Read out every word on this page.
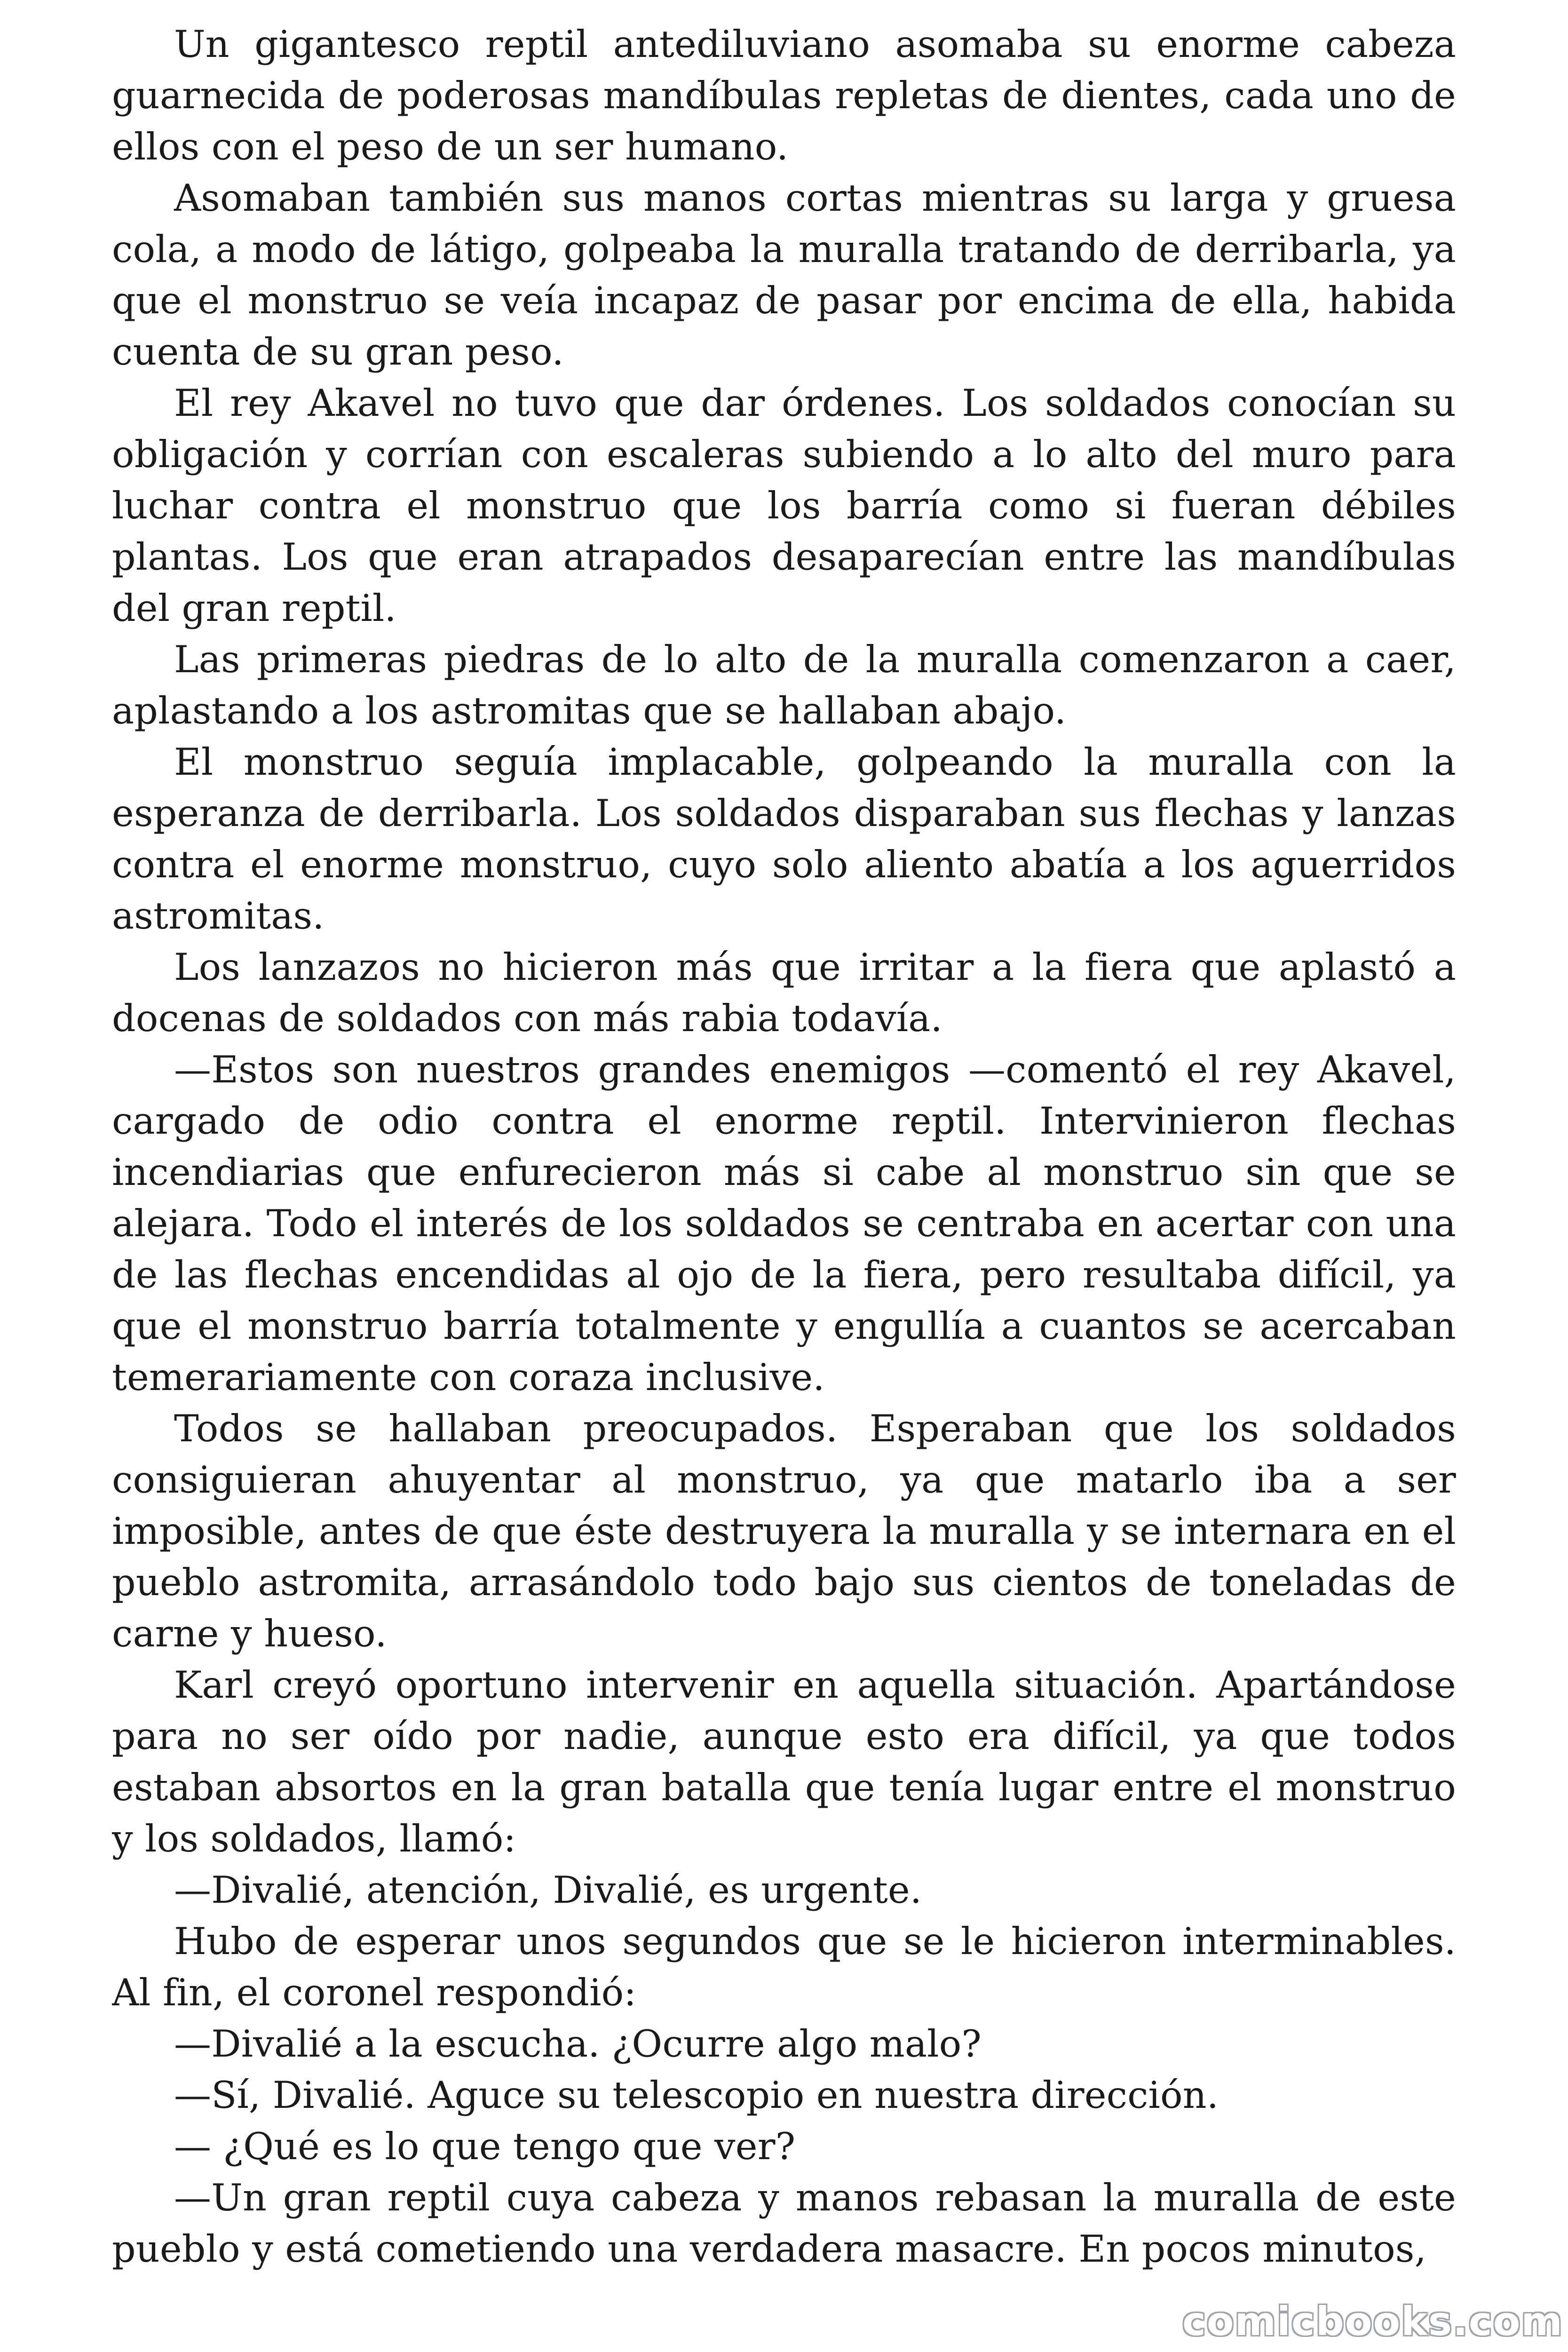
Un gigantesco reptil antediluviano asomaba su enorme cabeza guarnecida de poderosas mandíbulas repletas de dientes, cada uno de ellos con el peso de un ser humano.

Asomaban también sus manos cortas mientras su larga y gruesa cola, a modo de látigo, golpeaba la muralla tratando de derribarla, ya que el monstruo se veía incapaz de pasar por encima de ella, habida cuenta de su gran peso.

El rey Akavel no tuvo que dar órdenes. Los soldados conocían su obligación y corrían con escaleras subiendo a lo alto del muro para luchar contra el monstruo que los barría como si fueran débiles plantas. Los que eran atrapados desaparecían entre las mandíbulas del gran reptil.

Las primeras piedras de lo alto de la muralla comenzaron a caer, aplastando a los astromitas que se hallaban abajo.

El monstruo seguía implacable, golpeando la muralla con la esperanza de derribarla. Los soldados disparaban sus flechas y lanzas contra el enorme monstruo, cuyo solo aliento abatía a los aguerridos astromitas.

Los lanzazos no hicieron más que irritar a la fiera que aplastó a docenas de soldados con más rabia todavía.

—Estos son nuestros grandes enemigos —comentó el rey Akavel, cargado de odio contra el enorme reptil. Intervinieron flechas incendiarias que enfurecieron más si cabe al monstruo sin que se alejara. Todo el interés de los soldados se centraba en acertar con una de las flechas encendidas al ojo de la fiera, pero resultaba difícil, ya que el monstruo barría totalmente y engullía a cuantos se acercaban temerariamente con coraza inclusive.

Todos se hallaban preocupados. Esperaban que los soldados consiguieran ahuyentar al monstruo, ya que matarlo iba a ser imposible, antes de que éste destruyera la muralla y se internara en el pueblo astromita, arrasándolo todo bajo sus cientos de toneladas de carne y hueso.

Karl creyó oportuno intervenir en aquella situación. Apartándose para no ser oído por nadie, aunque esto era difícil, ya que todos estaban absortos en la gran batalla que tenía lugar entre el monstruo y los soldados, llamó:

—Divalié, atención, Divalié, es urgente.

Hubo de esperar unos segundos que se le hicieron interminables. Al fin, el coronel respondió:

—Divalié a la escucha. ¿Ocurre algo malo?

—Sí, Divalié. Aguce su telescopio en nuestra dirección.

— ¿Qué es lo que tengo que ver?

—Un gran reptil cuya cabeza y manos rebasan la muralla de este pueblo y está cometiendo una verdadera masacre. En pocos minutos,

comicbooks.com
